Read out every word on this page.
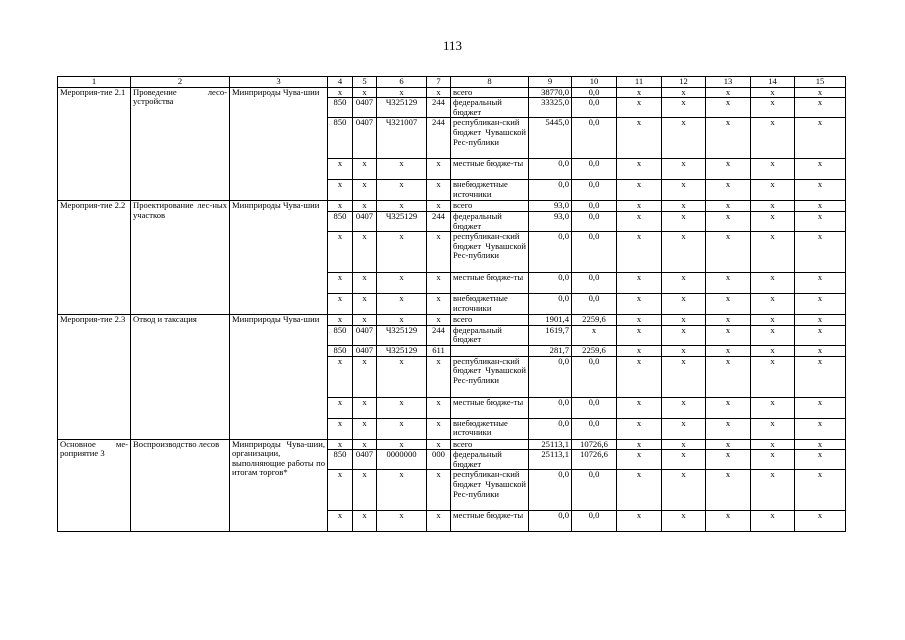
113
1	2	3	4	5	6	7	8	9	10	11	12	13	14	15
Мероприя-тие 2.1	Проведение лесо-устройства	Минприроды Чува-шии	х	х	х	х	всего	38770,0	0,0	х	х	х	х	х
			850	0407	Ч325129	244	федеральный бюджет	33325,0	0,0	х	х	х	х	х
			850	0407	Ч321007	244	республикан-ский бюджет Чувашской Рес-публики	5445,0	0,0	х	х	х	х	х
			х	х	х	х	местные бюдже-ты	0,0	0,0	х	х	х	х	х
			х	х	х	х	внебюджетные источники	0,0	0,0	х	х	х	х	х
Мероприя-тие 2.2	Проектирование лес-ных участков	Минприроды Чува-шии	х	х	х	х	всего	93,0	0,0	х	х	х	х	х
			850	0407	Ч325129	244	федеральный бюджет	93,0	0,0	х	х	х	х	х
			х	х	х	х	республикан-ский бюджет Чувашской Рес-публики	0,0	0,0	х	х	х	х	х
			х	х	х	х	местные бюдже-ты	0,0	0,0	х	х	х	х	х
			х	х	х	х	внебюджетные источники	0,0	0,0	х	х	х	х	х
Мероприя-тие 2.3	Отвод и таксация	Минприроды Чува-шии	х	х	х	х	всего	1901,4	2259,6	х	х	х	х	х
			850	0407	Ч325129	244	федеральный бюджет	1619,7	х	х	х	х	х	х
			850	0407	Ч325129	611		281,7	2259,6	х	х	х	х	х
			х	х	х	х	республикан-ский бюджет Чувашской Рес-публики	0,0	0,0	х	х	х	х	х
			х	х	х	х	местные бюдже-ты	0,0	0,0	х	х	х	х	х
			х	х	х	х	внебюджетные источники	0,0	0,0	х	х	х	х	х
Основное ме-роприятие 3	Воспроизводство лесов	Минприроды Чува-шии, организации, выполняющие работы по итогам торгов*	х	х	х	х	всего	25113,1	10726,6	х	х	х	х	х
			850	0407	0000000	000	федеральный бюджет	25113,1	10726,6	х	х	х	х	х
			х	х	х	х	республикан-ский бюджет Чувашской Рес-публики	0,0	0,0	х	х	х	х	х
			х	х	х	х	местные бюдже-ты	0,0	0,0	х	х	х	х	х
